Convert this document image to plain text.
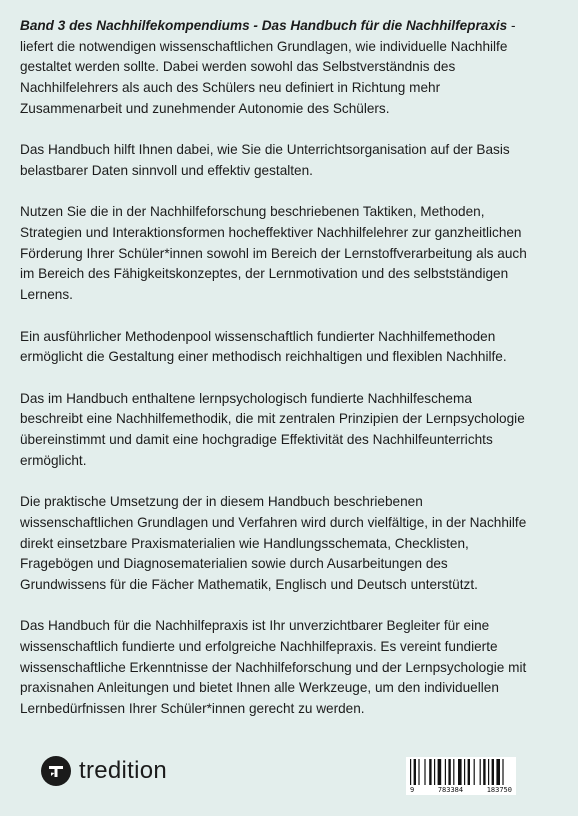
Band 3 des Nachhilfekompendiums - Das Handbuch für die Nachhilfepraxis - liefert die notwendigen wissenschaftlichen Grundlagen, wie individuelle Nachhilfe gestaltet werden sollte. Dabei werden sowohl das Selbstverständnis des Nachhilfelehrers als auch des Schülers neu definiert in Richtung mehr Zusammenarbeit und zunehmender Autonomie des Schülers.

Das Handbuch hilft Ihnen dabei, wie Sie die Unterrichtsorganisation auf der Basis belastbarer Daten sinnvoll und effektiv gestalten.

Nutzen Sie die in der Nachhilfeforschung beschriebenen Taktiken, Methoden, Strategien und Interaktionsformen hocheffektiver Nachhilfelehrer zur ganzheitlichen Förderung Ihrer Schüler*innen sowohl im Bereich der Lernstoffverarbeitung als auch im Bereich des Fähigkeitskonzeptes, der Lernmotivation und des selbstständigen Lernens.

Ein ausführlicher Methodenpool wissenschaftlich fundierter Nachhilfemethoden ermöglicht die Gestaltung einer methodisch reichhaltigen und flexiblen Nachhilfe.

Das im Handbuch enthaltene lernpsychologisch fundierte Nachhilfeschema beschreibt eine Nachhilfemethodik, die mit zentralen Prinzipien der Lernpsychologie übereinstimmt und damit eine hochgradige Effektivität des Nachhilfeunterrichts ermöglicht.

Die praktische Umsetzung der in diesem Handbuch beschriebenen wissenschaftlichen Grundlagen und Verfahren wird durch vielfältige, in der Nachhilfe direkt einsetzbare Praxismaterialien wie Handlungsschemata, Checklisten, Fragebögen und Diagnosematerialien sowie durch Ausarbeitungen des Grundwissens für die Fächer Mathematik, Englisch und Deutsch unterstützt.

Das Handbuch für die Nachhilfepraxis ist Ihr unverzichtbarer Begleiter für eine wissenschaftlich fundierte und erfolgreiche Nachhilfepraxis. Es vereint fundierte wissenschaftliche Erkenntnisse der Nachhilfeforschung und der Lernpsychologie mit praxisnahen Anleitungen und bietet Ihnen alle Werkzeuge, um den individuellen Lernbedürfnissen Ihrer Schüler*innen gerecht zu werden.

tredition
9	783384	183750
